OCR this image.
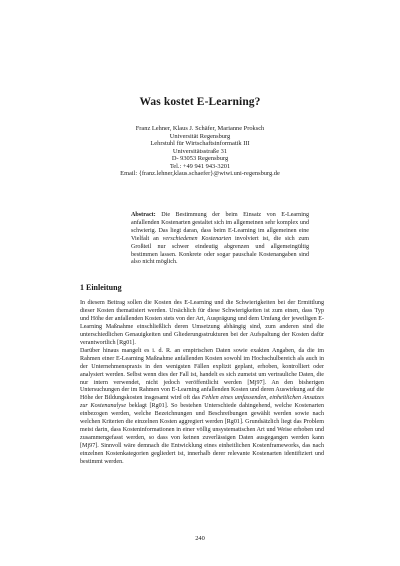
Was kostet E-Learning?
Franz Lehner, Klaus J. Schäfer, Marianne Proksch
Universität Regensburg
Lehrstuhl für Wirtschaftsinformatik III
Universitätsstraße 31
D- 93053 Regensburg
Tel.: +49 941 943-3201
Email: {franz.lehner,klaus.schaefer}@wiwi.uni-regensburg.de
Abstract: Die Bestimmung der beim Einsatz von E-Learning anfallenden Kostenarten gestaltet sich im allgemeinen sehr komplex und schwierig. Das liegt daran, dass beim E-Learning im allgemeinen eine Vielfalt an verschiedenen Kostenarten involviert ist, die sich zum Großteil nur schwer eindeutig abgrenzen und allgemeingültig bestimmen lassen. Konkrete oder sogar pauschale Kostenangaben sind also nicht möglich.
1 Einleitung

In diesem Beitrag sollen die Kosten des E-Learning und die Schwierigkeiten bei der Ermittlung dieser Kosten thematisiert werden. Ursächlich für diese Schwierigkeiten ist zum einen, dass Typ und Höhe der anfallenden Kosten stets von der Art, Ausprägung und dem Umfang der jeweiligen E-Learning Maßnahme einschließlich deren Umsetzung abhängig sind, zum anderen sind die unterschiedlichen Genauigkeiten und Gliederungsstrukturen bei der Aufspaltung der Kosten dafür verantwortlich [Rg01].

Darüber hinaus mangelt es i. d. R. an empirischen Daten sowie exakten Angaben, da die im Rahmen einer E-Learning Maßnahme anfallenden Kosten sowohl im Hochschulbereich als auch in der Unternehmenspraxis in den wenigsten Fällen explizit geplant, erhoben, kontrolliert oder analysiert werden. Selbst wenn dies der Fall ist, handelt es sich zumeist um vertrauliche Daten, die nur intern verwendet, nicht jedoch veröffentlicht werden [Mj97]. An den bisherigen Untersuchungen der im Rahmen von E-Learning anfallenden Kosten und deren Auswirkung auf die Höhe der Bildungskosten insgesamt wird oft das Fehlen eines umfassenden, einheitlichen Ansatzes zur Kostenanalyse beklagt [Rg01]. So bestehen Unterschiede dahingehend, welche Kostenarten einbezogen werden, welche Bezeichnungen und Beschreibungen gewählt werden sowie nach welchen Kriterien die einzelnen Kosten aggregiert werden [Rg01]. Grundsätzlich liegt das Problem meist darin, dass Kosteninformationen in einer völlig unsystematischen Art und Weise erhoben und zusammengefasst werden, so dass von keinen zuverlässigen Daten ausgegangen werden kann [Mj97]. Sinnvoll wäre demnach die Entwicklung eines einheitlichen Kostenframeworks, das nach einzelnen Kostenkategorien gegliedert ist, innerhalb derer relevante Kostenarten identifiziert und bestimmt werden.

240
